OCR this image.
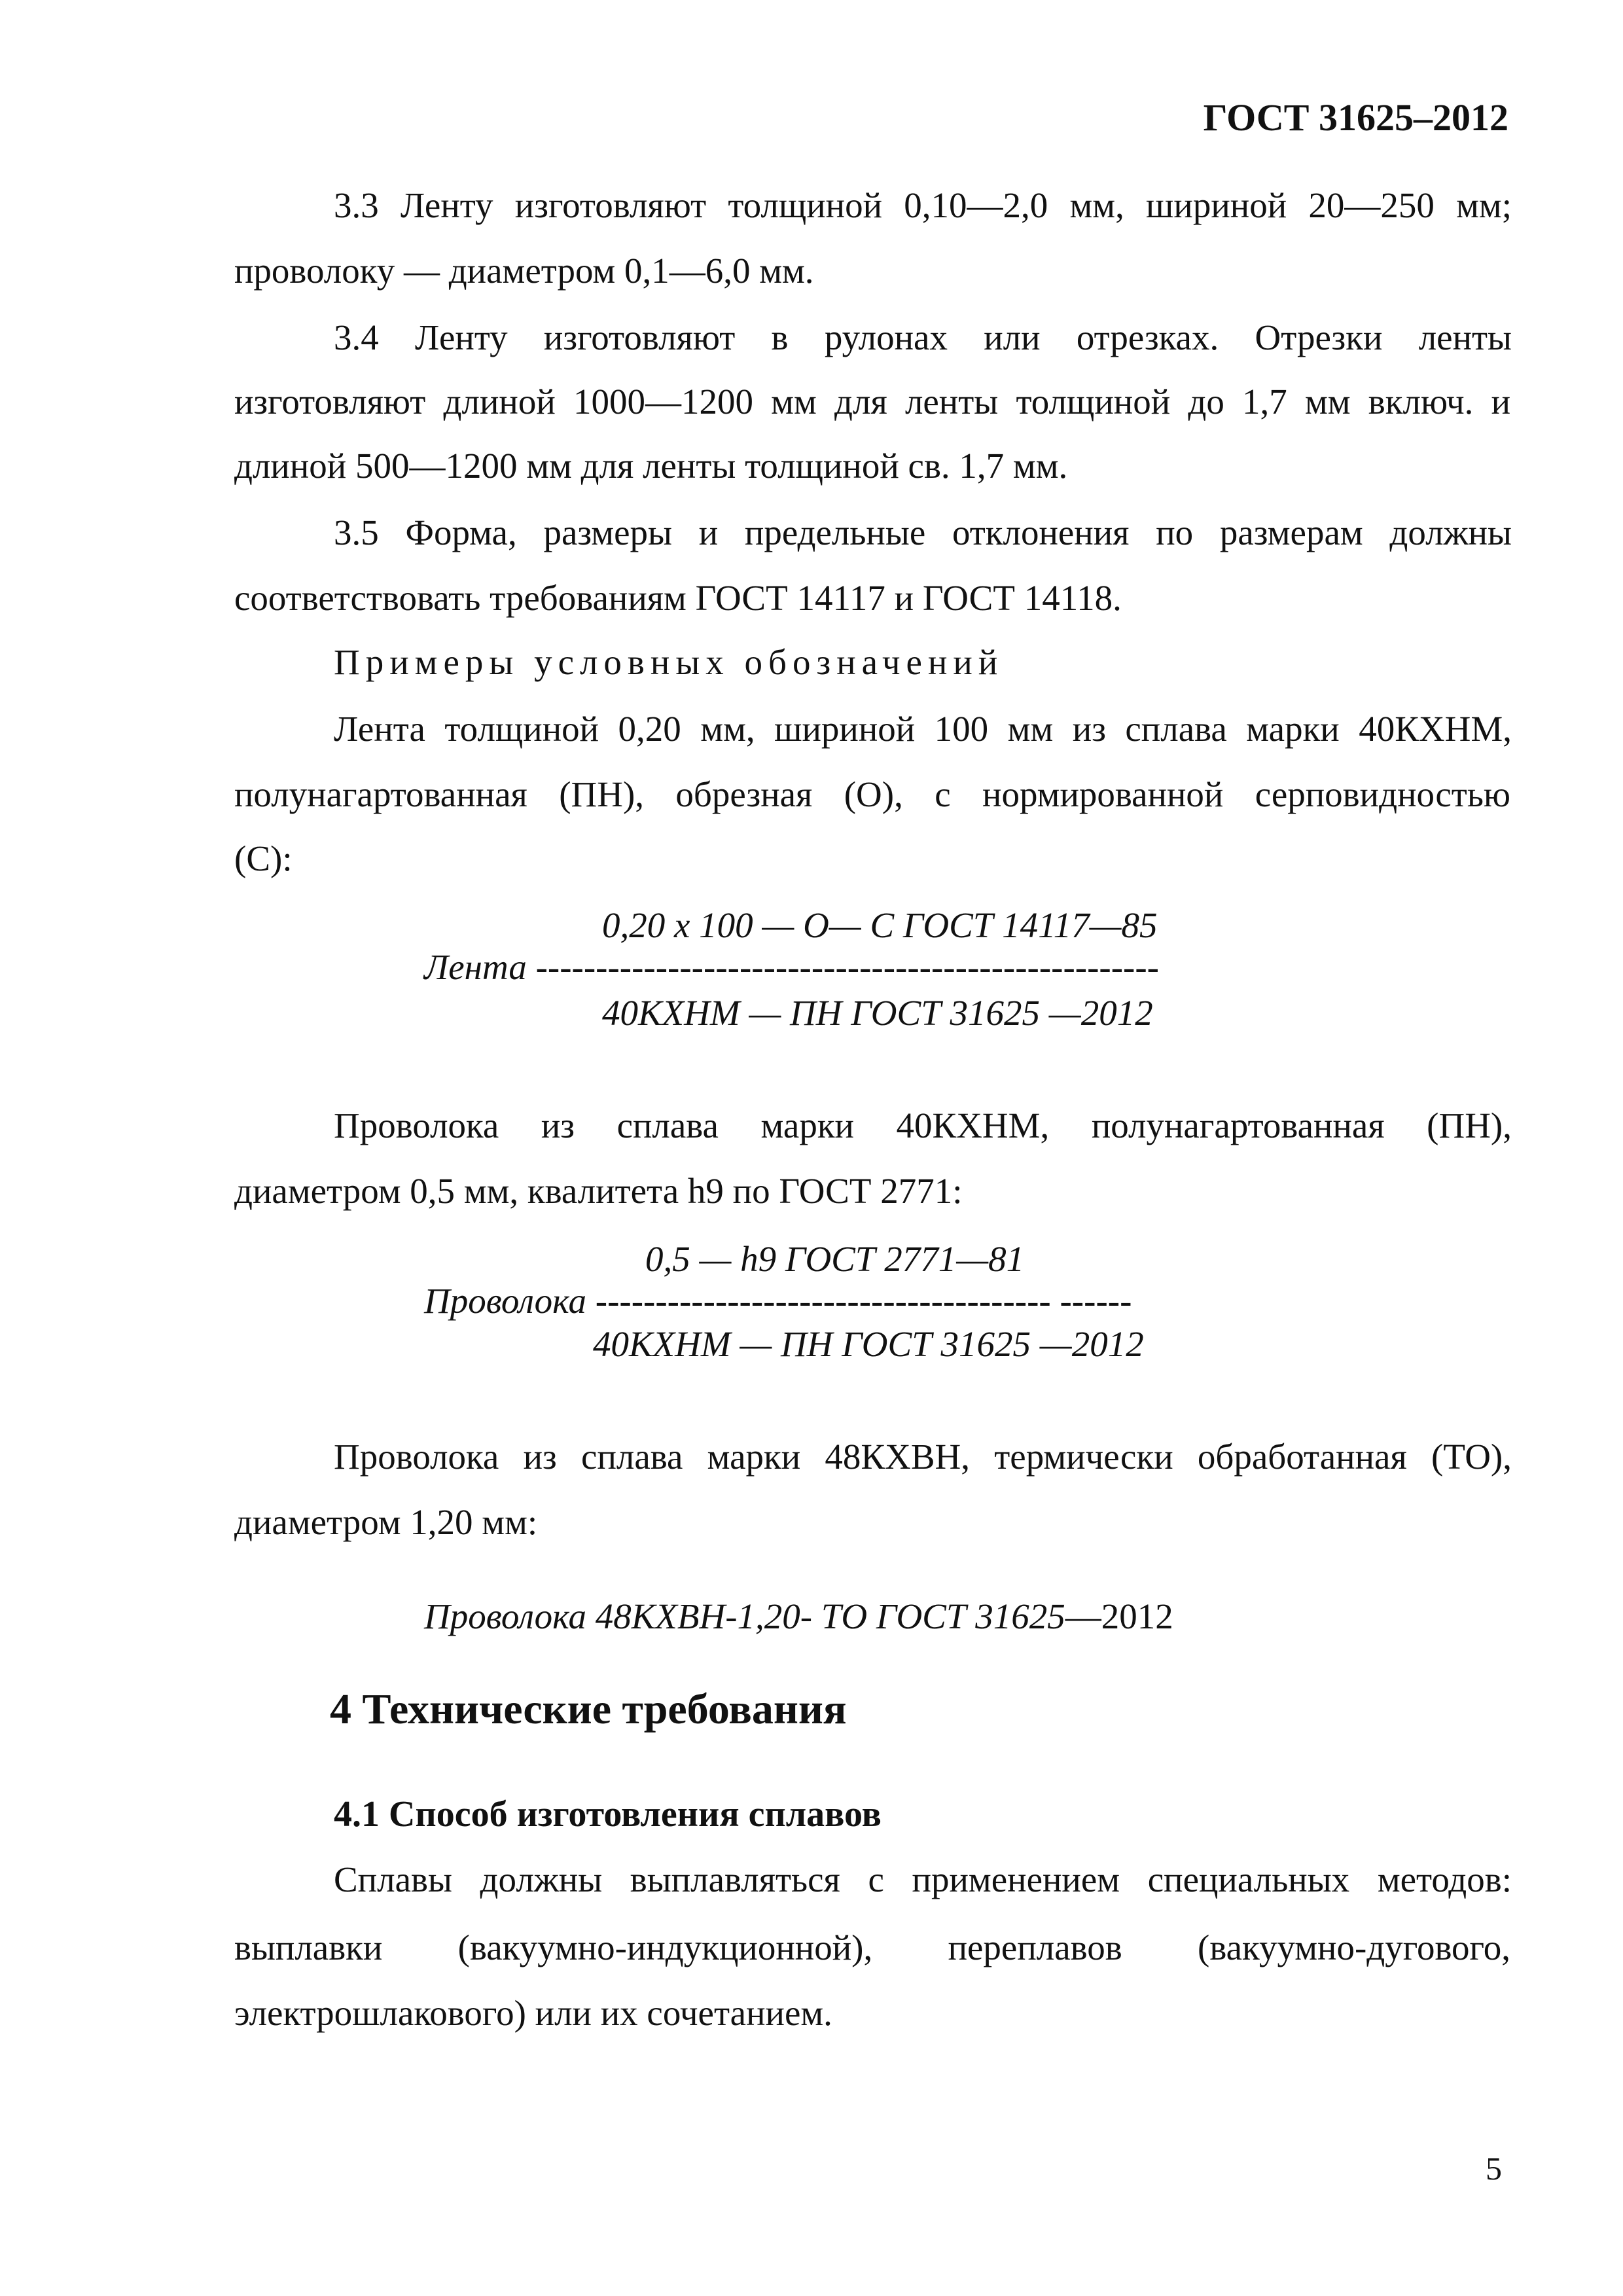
ГОСТ 31625–2012
3.3 Ленту изготовляют толщиной 0,10—2,0 мм, шириной 20—250 мм;
проволоку — диаметром 0,1—6,0 мм.
3.4 Ленту изготовляют в рулонах или отрезках. Отрезки ленты
изготовляют длиной 1000—1200 мм для ленты толщиной до 1,7 мм включ. и
длиной 500—1200 мм для ленты толщиной св. 1,7 мм.
3.5 Форма, размеры и предельные отклонения по размерам должны
соответствовать требованиям ГОСТ 14117 и ГОСТ 14118.
Примеры условных обозначений
Лента толщиной 0,20 мм, шириной 100 мм из сплава марки 40КХНМ,
полунагартованная (ПН), обрезная (О), с нормированной серповидностью
(С):
0,20 х 100 — О— С ГОСТ 14117—85
Лента ----------------------------------------------------
40КХНМ — ПН ГОСТ 31625 —2012
Проволока из сплава марки 40КХНМ, полунагартованная (ПН),
диаметром 0,5 мм, квалитета h9 по ГОСТ 2771:
0,5 — h9 ГОСТ 2771—81
Проволока -------------------------------------- ------
40КХНМ — ПН ГОСТ 31625 —2012
Проволока из сплава марки 48КХВН, термически обработанная (ТО),
диаметром 1,20 мм:
Проволока 48КХВН-1,20- ТО ГОСТ 31625—2012
4 Технические требования
4.1 Способ изготовления сплавов
Сплавы должны выплавляться с применением специальных методов:
выплавки (вакуумно-индукционной), переплавов (вакуумно-дугового,
электрошлакового) или их сочетанием.
5
